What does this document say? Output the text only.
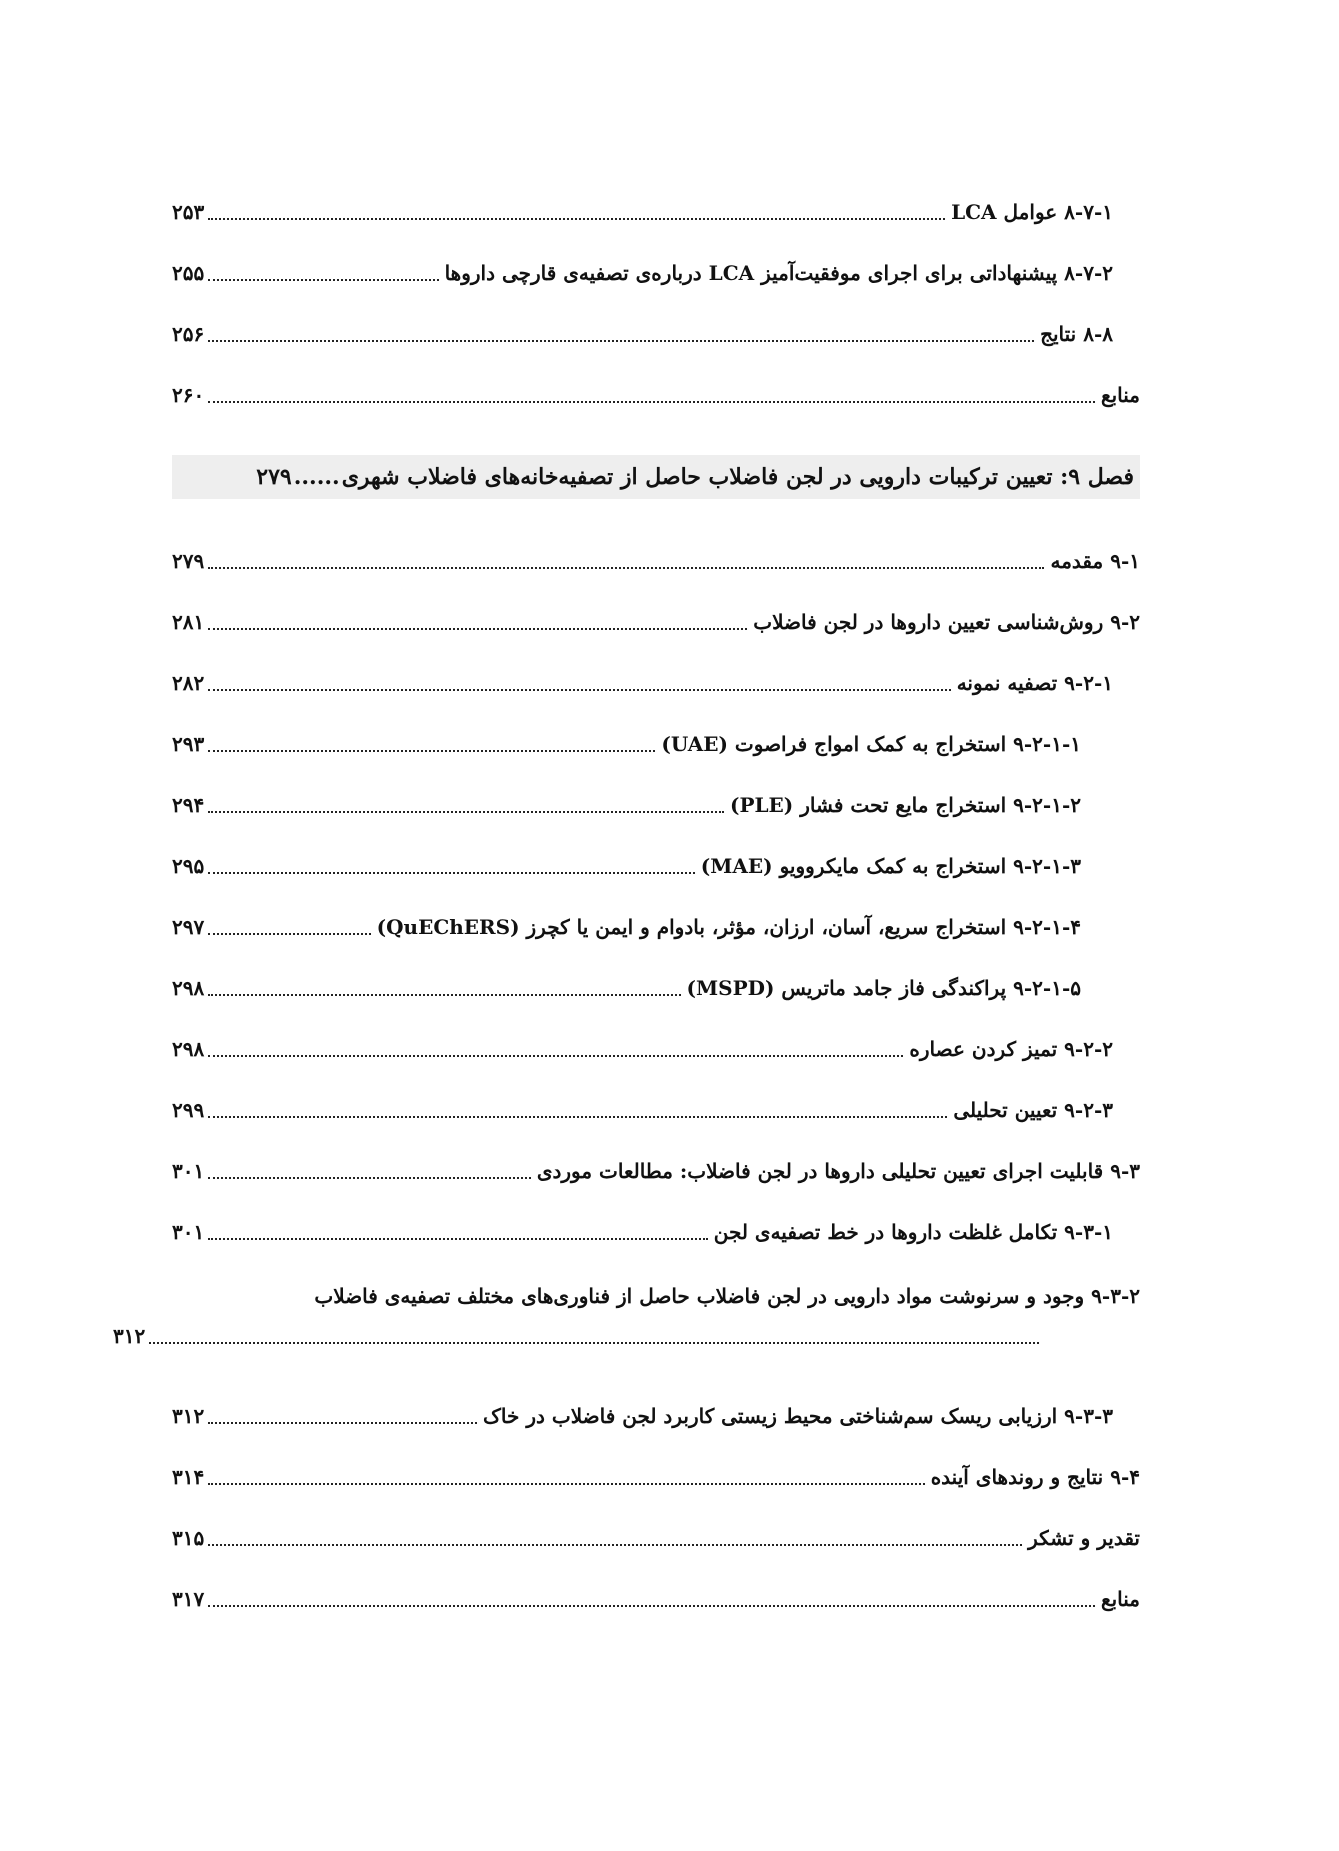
۸-۷-۱ عوامل LCA
۲۵۳
۸-۷-۲ پیشنهاداتی برای اجرای موفقیت‌آمیز LCA درباره‌ی تصفیه‌ی قارچی داروها
۲۵۵
۸-۸ نتایج
۲۵۶
منابع
۲۶۰
فصل ۹: تعیین ترکیبات دارویی در لجن فاضلاب حاصل از تصفیه‌خانه‌های فاضلاب شهری
......
۲۷۹
۹-۱ مقدمه
۲۷۹
۹-۲ روش‌شناسی تعیین داروها در لجن فاضلاب
۲۸۱
۹-۲-۱ تصفیه نمونه
۲۸۲
۹-۲-۱-۱ استخراج به کمک امواج فراصوت (UAE)
۲۹۳
۹-۲-۱-۲ استخراج مایع تحت فشار (PLE)
۲۹۴
۹-۲-۱-۳ استخراج به کمک مایکروویو (MAE)
۲۹۵
۹-۲-۱-۴ استخراج سریع، آسان، ارزان، مؤثر، بادوام و ایمن یا کچرز (QuEChERS)
۲۹۷
۹-۲-۱-۵ پراکندگی فاز جامد ماتریس (MSPD)
۲۹۸
۹-۲-۲ تمیز کردن عصاره
۲۹۸
۹-۲-۳ تعیین تحلیلی
۲۹۹
۹-۳ قابلیت اجرای تعیین تحلیلی داروها در لجن فاضلاب: مطالعات موردی
۳۰۱
۹-۳-۱ تکامل غلظت داروها در خط تصفیه‌ی لجن
۳۰۱
۹-۳-۲ وجود و سرنوشت مواد دارویی در لجن فاضلاب حاصل از فناوری‌های مختلف تصفیه‌ی فاضلاب
۳۱۲
۹-۳-۳ ارزیابی ریسک سم‌شناختی محیط زیستی کاربرد لجن فاضلاب در خاک
۳۱۲
۹-۴ نتایج و روندهای آینده
۳۱۴
تقدیر و تشکر
۳۱۵
منابع
۳۱۷
